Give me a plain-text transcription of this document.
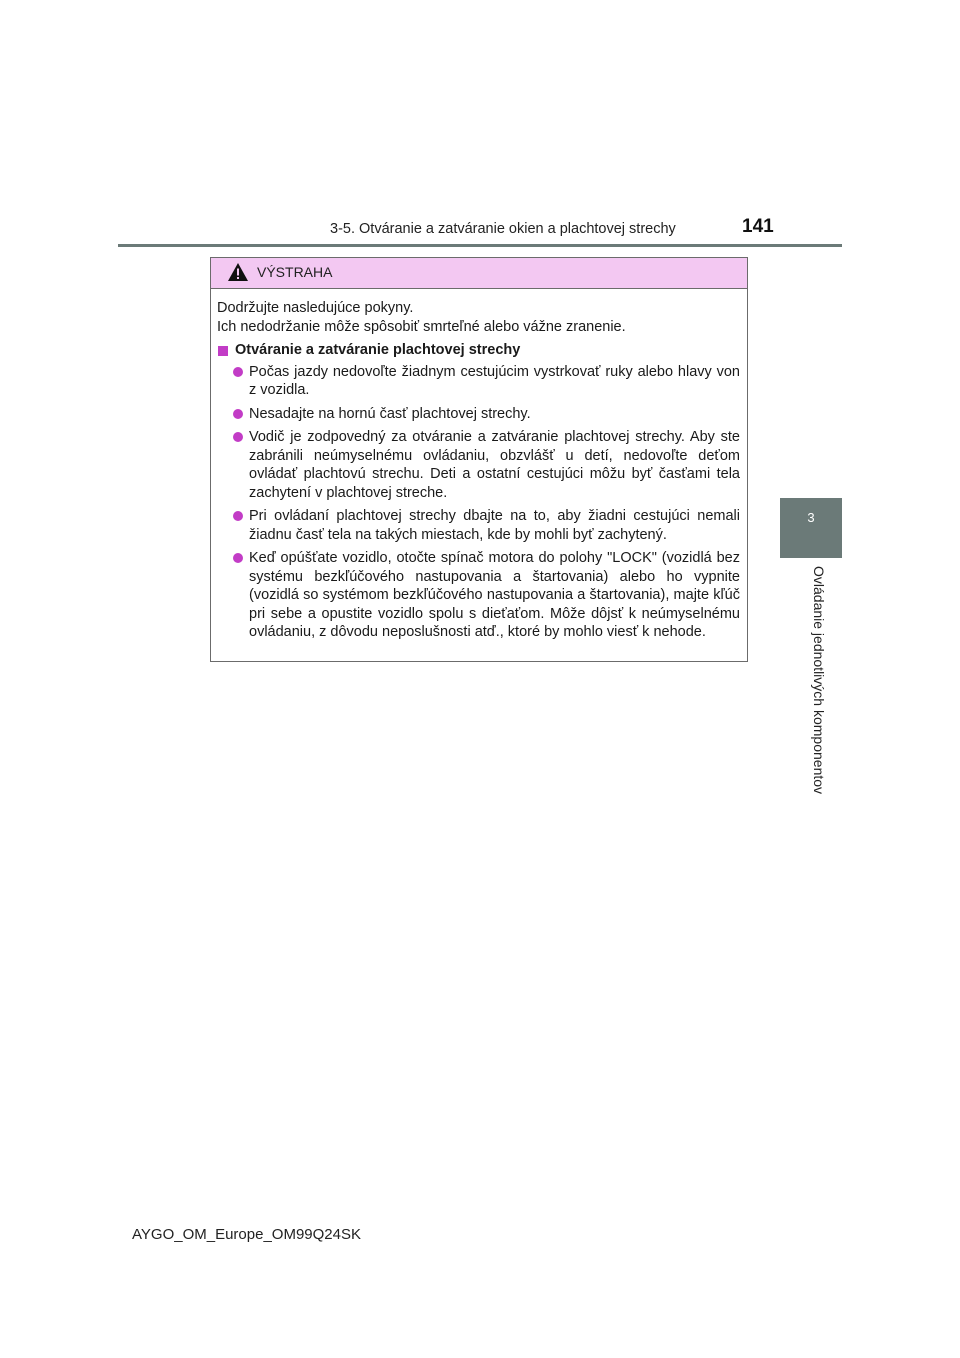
3-5. Otváranie a zatváranie okien a plachtovej strechy	141
3
Ovládanie jednotlivých komponentov
VÝSTRAHA

Dodržujte nasledujúce pokyny.

Ich nedodržanie môže spôsobiť smrteľné alebo vážne zranenie.

Otváranie a zatváranie plachtovej strechy
Počas jazdy nedovoľte žiadnym cestujúcim vystrkovať ruky alebo hlavy von z vozidla.
Nesadajte na hornú časť plachtovej strechy.
Vodič je zodpovedný za otváranie a zatváranie plachtovej strechy. Aby ste zabránili neúmyselnému ovládaniu, obzvlášť u detí, nedovoľte deťom ovládať plachtovú strechu. Deti a ostatní cestujúci môžu byť časťami tela zachytení v plachtovej streche.
Pri ovládaní plachtovej strechy dbajte na to, aby žiadni cestujúci nemali žiadnu časť tela na takých miestach, kde by mohli byť zachytený.
Keď opúšťate vozidlo, otočte spínač motora do polohy "LOCK" (vozidlá bez systému bezkľúčového nastupovania a štartovania) alebo ho vypnite (vozidlá so systémom bezkľúčového nastupovania a štartovania), majte kľúč pri sebe a opustite vozidlo spolu s dieťaťom. Môže dôjsť k neúmyselnému ovládaniu, z dôvodu neposlušnosti atď., ktoré by mohlo viesť k nehode.
AYGO_OM_Europe_OM99Q24SK
